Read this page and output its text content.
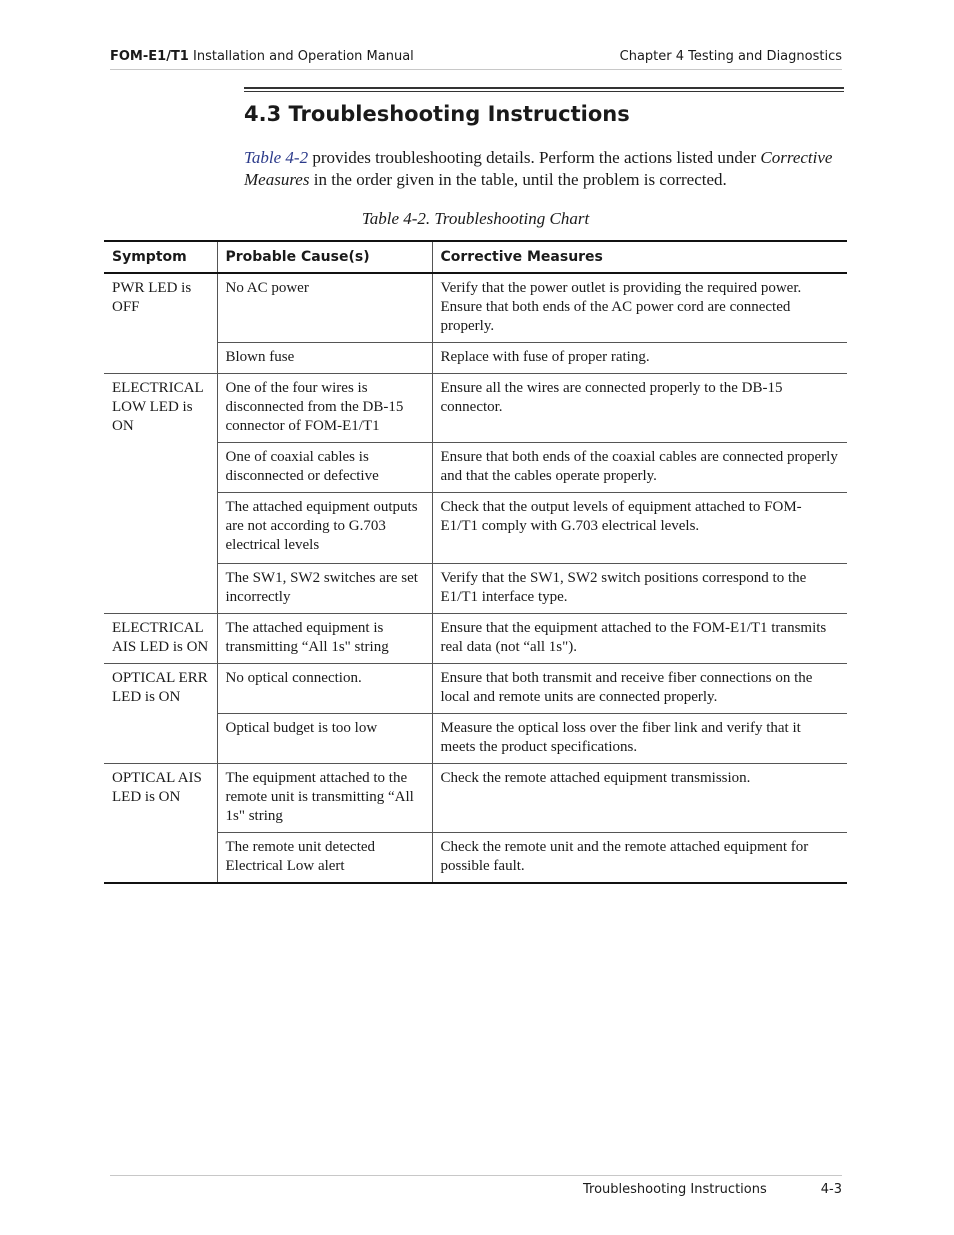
FOM-E1/T1 Installation and Operation Manual	Chapter 4 Testing and Diagnostics
4.3 Troubleshooting Instructions
Table 4-2 provides troubleshooting details. Perform the actions listed under Corrective Measures in the order given in the table, until the problem is corrected.
Table 4-2. Troubleshooting Chart
Symptom	Probable Cause(s)	Corrective Measures
PWR LED is OFF	No AC power	Verify that the power outlet is providing the required power. Ensure that both ends of the AC power cord are connected properly.
	Blown fuse	Replace with fuse of proper rating.
ELECTRICAL LOW LED is ON	One of the four wires is disconnected from the DB-15 connector of FOM-E1/T1	Ensure all the wires are connected properly to the DB-15 connector.
	One of coaxial cables is disconnected or defective	Ensure that both ends of the coaxial cables are connected properly and that the cables operate properly.
	The attached equipment outputs are not according to G.703 electrical levels	Check that the output levels of equipment attached to FOM-E1/T1 comply with G.703 electrical levels.
	The SW1, SW2 switches are set incorrectly	Verify that the SW1, SW2 switch positions correspond to the E1/T1 interface type.
ELECTRICAL AIS LED is ON	The attached equipment is transmitting “All 1s" string	Ensure that the equipment attached to the FOM-E1/T1 transmits real data (not “all 1s").
OPTICAL ERR LED is ON	No optical connection.	Ensure that both transmit and receive fiber connections on the local and remote units are connected properly.
	Optical budget is too low	Measure the optical loss over the fiber link and verify that it meets the product specifications.
OPTICAL AIS LED is ON	The equipment attached to the remote unit is transmitting “All 1s" string	Check the remote attached equipment transmission.
	The remote unit detected Electrical Low alert	Check the remote unit and the remote attached equipment for possible fault.
Troubleshooting Instructions	4-3
